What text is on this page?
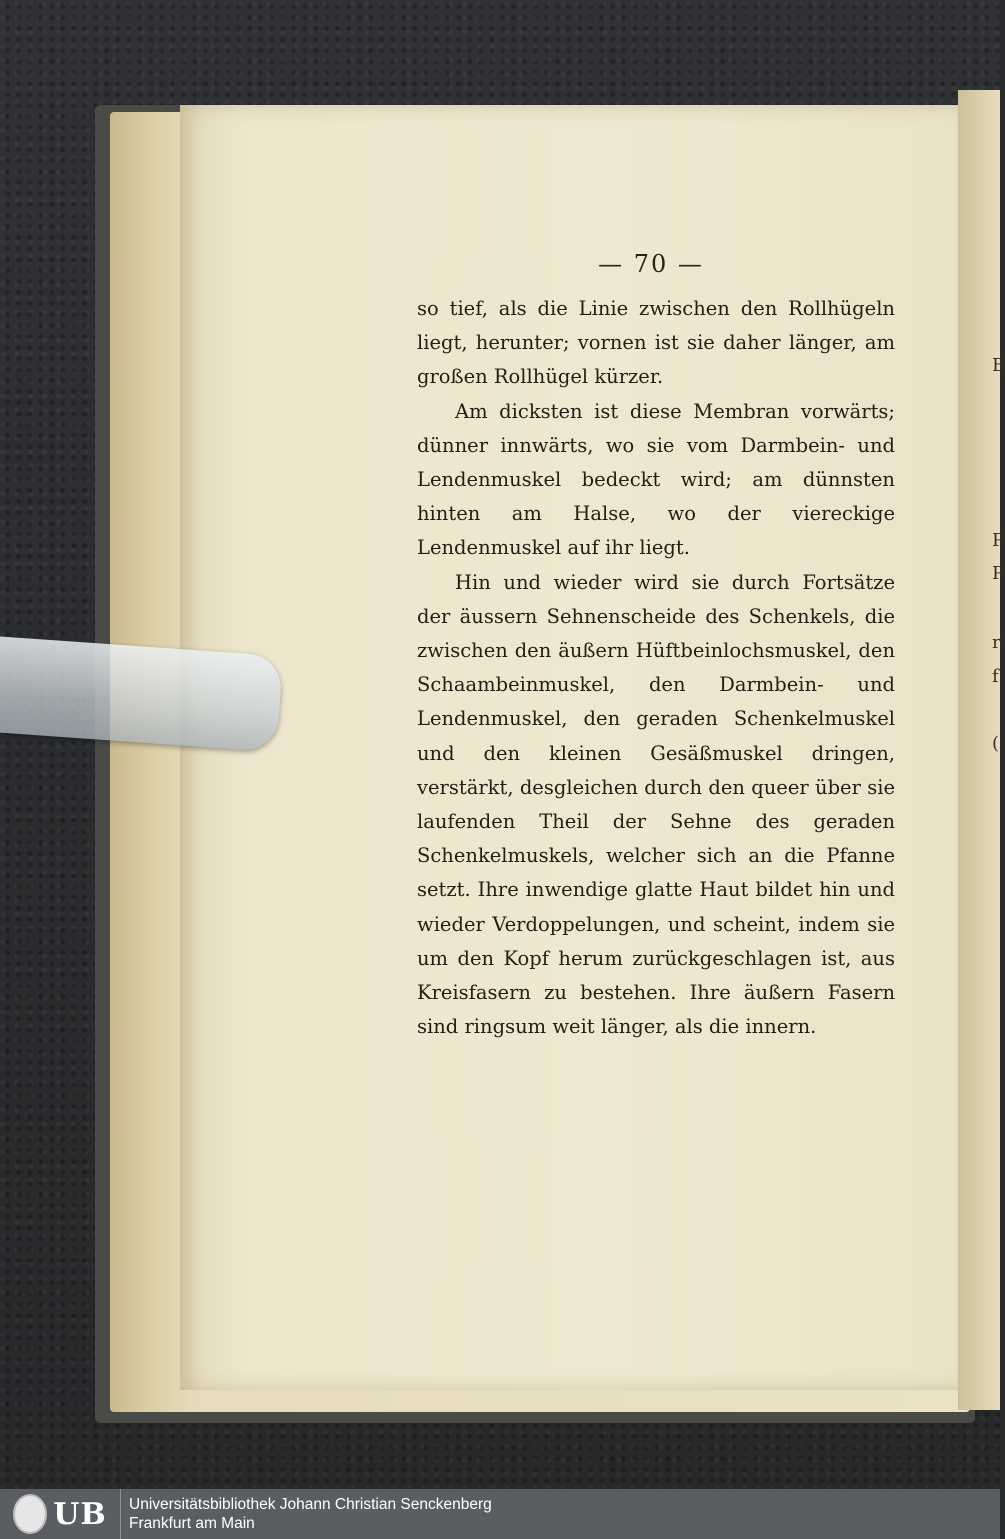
B
P
P
r
f
(
— 70 —

so tief, als die Linie zwischen den Rollhügeln liegt, herunter; vornen ist sie daher länger, am großen Rollhügel kürzer.

Am dicksten ist diese Membran vorwärts; dünner innwärts, wo sie vom Darmbein- und Lendenmuskel bedeckt wird; am dünnsten hinten am Halse, wo der viereckige Lendenmuskel auf ihr liegt.

Hin und wieder wird sie durch Fortsätze der äussern Sehnenscheide des Schenkels, die zwischen den äußern Hüftbeinlochsmuskel, den Schaambeinmuskel, den Darmbein- und Lendenmuskel, den geraden Schenkelmuskel und den kleinen Gesäßmuskel dringen, verstärkt, desgleichen durch den queer über sie laufenden Theil der Sehne des geraden Schenkelmuskels, welcher sich an die Pfanne setzt. Ihre inwendige glatte Haut bildet hin und wieder Verdoppelungen, und scheint, indem sie um den Kopf herum zurückgeschlagen ist, aus Kreisfasern zu bestehen. Ihre äußern Fasern sind ringsum weit länger, als die innern.

UB Universitätsbibliothek Johann Christian Senckenberg
Frankfurt am Main
